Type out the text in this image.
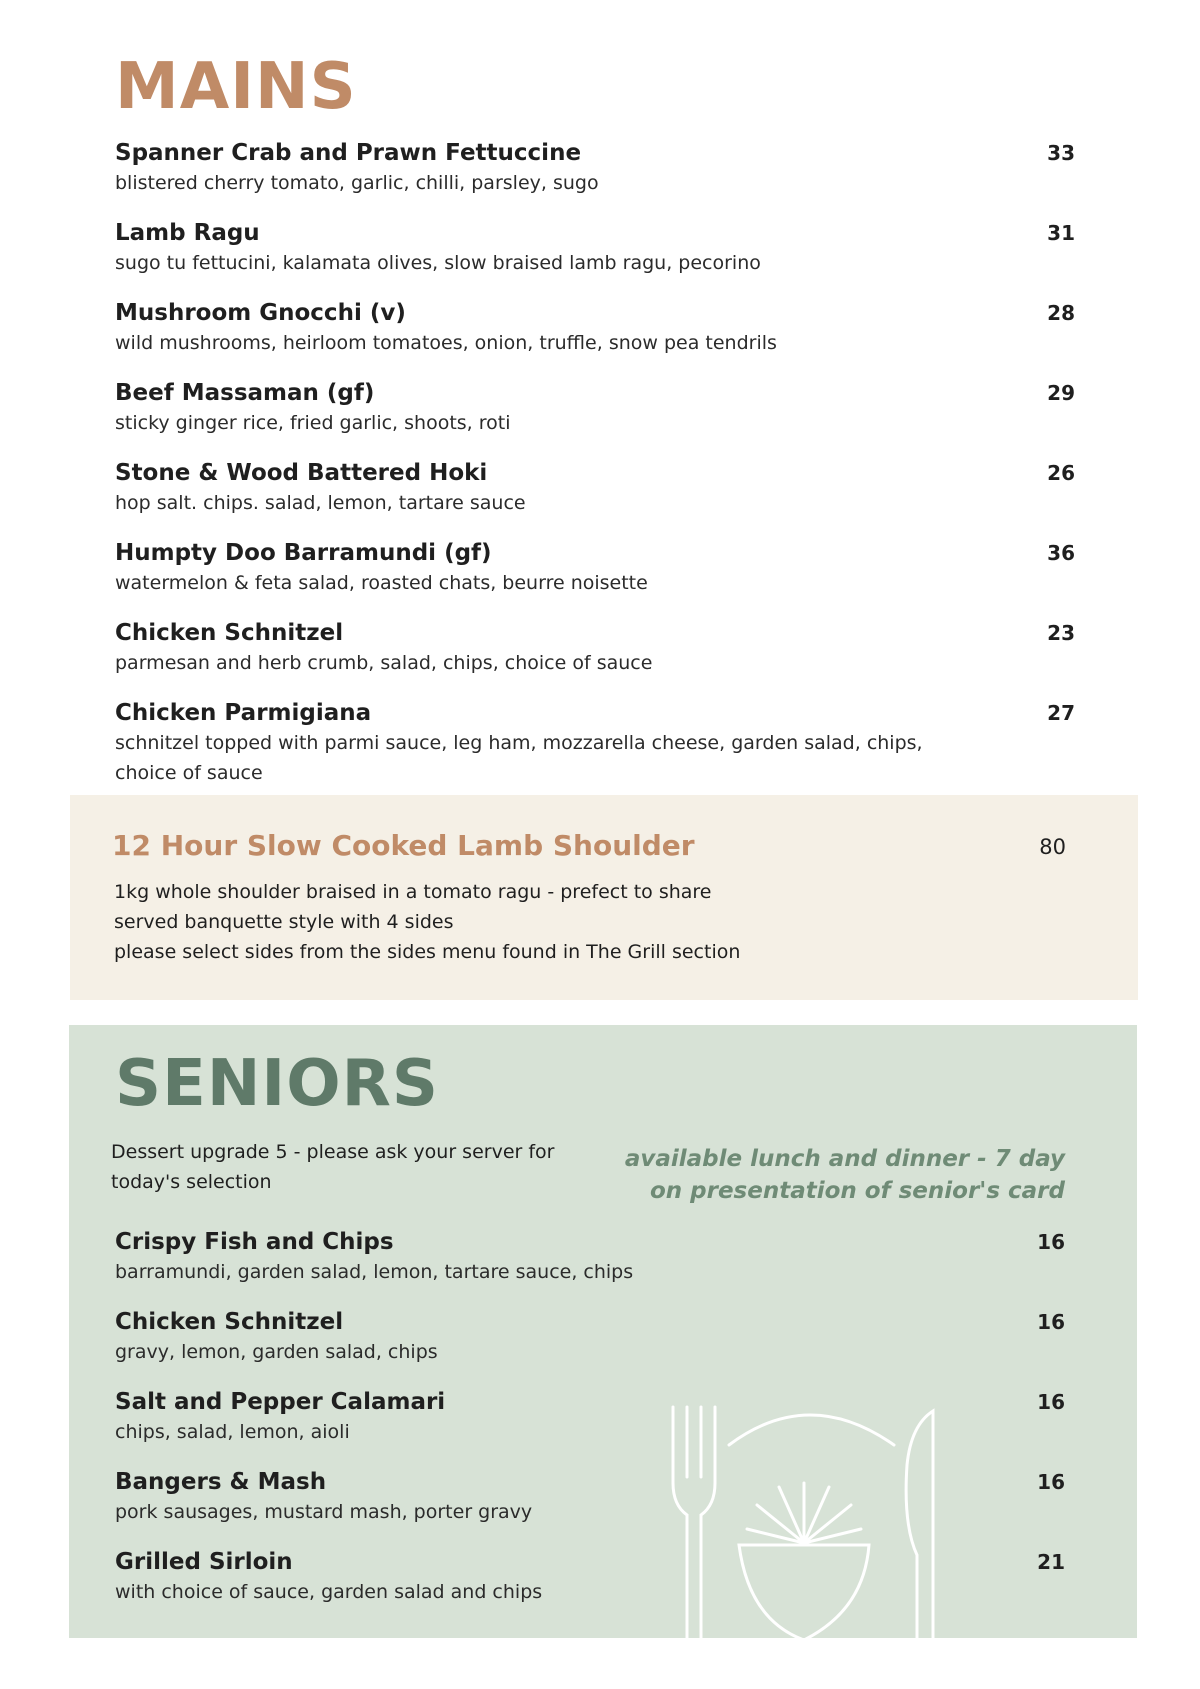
MAINS
Spanner Crab and Prawn Fettuccine
blistered cherry tomato, garlic, chilli, parsley, sugo
33
Lamb Ragu
sugo tu fettucini, kalamata olives, slow braised lamb ragu, pecorino
31
Mushroom Gnocchi (v)
wild mushrooms, heirloom tomatoes, onion, truffle, snow pea tendrils
28
Beef Massaman (gf)
sticky ginger rice, fried garlic, shoots, roti
29
Stone & Wood Battered Hoki
hop salt. chips. salad, lemon, tartare sauce
26
Humpty Doo Barramundi (gf)
watermelon & feta salad, roasted chats, beurre noisette
36
Chicken Schnitzel
parmesan and herb crumb, salad, chips, choice of sauce
23
Chicken Parmigiana
schnitzel topped with parmi sauce, leg ham, mozzarella cheese, garden salad, chips, choice of sauce
27
12 Hour Slow Cooked Lamb Shoulder	80
1kg whole shoulder braised in a tomato ragu - prefect to share
served banquette style with 4 sides
please select sides from the sides menu found in The Grill section
SENIORS
Dessert upgrade 5 - please ask your server for today's selection
available lunch and dinner - 7 day
on presentation of senior's card
Crispy Fish and Chips
barramundi, garden salad, lemon, tartare sauce, chips
16
Chicken Schnitzel
gravy, lemon, garden salad, chips
16
Salt and Pepper Calamari
chips, salad, lemon, aioli
16
Bangers & Mash
pork sausages, mustard mash, porter gravy
16
Grilled Sirloin
with choice of sauce, garden salad and chips
21
